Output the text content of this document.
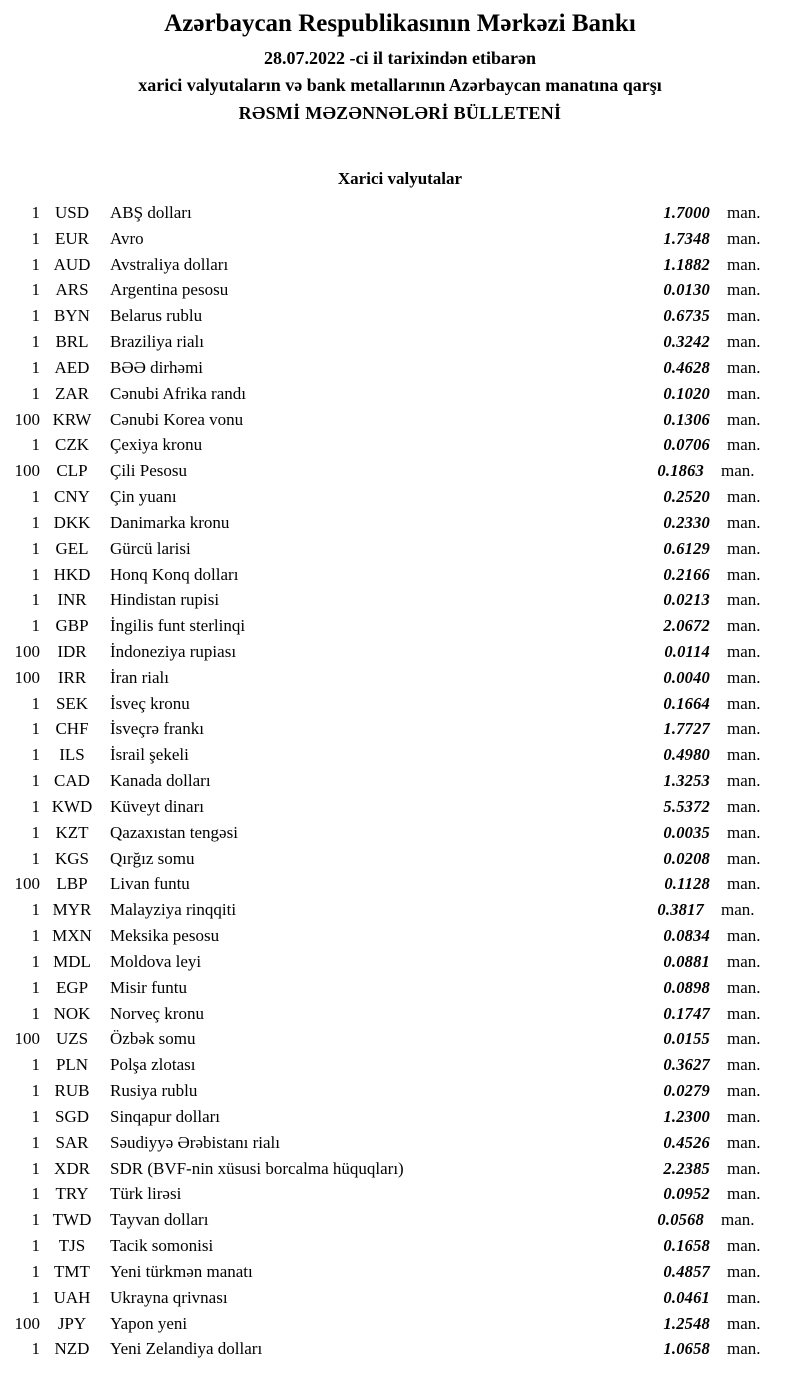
Azərbaycan Respublikasının Mərkəzi Bankı
28.07.2022 -ci il tarixindən etibarən
xarici valyutaların və bank metallarının Azərbaycan manatına qarşı
RƏSMİ MƏZƏNNƏLƏRİ BÜLLETENİ
Xarici valyutalar
1 USD	ABŞ dolları	1.7000	man.
1 EUR	Avro	1.7348	man.
1 AUD	Avstraliya dolları	1.1882	man.
1 ARS	Argentina pesosu	0.0130	man.
1 BYN	Belarus rublu	0.6735	man.
1 BRL	Braziliya rialı	0.3242	man.
1 AED	BƏƏ dirhəmi	0.4628	man.
1 ZAR	Cənubi Afrika randı	0.1020	man.
100 KRW	Cənubi Korea vonu	0.1306	man.
1 CZK	Çexiya kronu	0.0706	man.
100 CLP	Çili Pesosu	0.1863	man.
1 CNY	Çin yuanı	0.2520	man.
1 DKK	Danimarka kronu	0.2330	man.
1 GEL	Gürcü larisi	0.6129	man.
1 HKD	Honq Konq dolları	0.2166	man.
1	INR	Hindistan rupisi	0.0213	man.
1 GBP	İngilis funt sterlinqi	2.0672	man.
100	IDR	İndoneziya rupiası	0.0114	man.
100	IRR	İran rialı	0.0040	man.
1 SEK	İsveç kronu	0.1664	man.
1 CHF	İsveçrə frankı	1.7727	man.
1	ILS	İsrail şekeli	0.4980	man.
1 CAD	Kanada dolları	1.3253	man.
1 KWD	Küveyt dinarı	5.5372	man.
1 KZT	Qazaxıstan tengəsi	0.0035	man.
1 KGS	Qırğız somu	0.0208	man.
100 LBP	Livan funtu	0.1128	man.
1 MYR	Malayziya rinqqiti	0.3817	man.
1 MXN	Meksika pesosu	0.0834	man.
1 MDL	Moldova leyi	0.0881	man.
1 EGP	Misir funtu	0.0898	man.
1 NOK	Norveç kronu	0.1747	man.
100 UZS	Özbək somu	0.0155	man.
1 PLN	Polşa zlotası	0.3627	man.
1 RUB	Rusiya rublu	0.0279	man.
1 SGD	Sinqapur dolları	1.2300	man.
1 SAR	Səudiyyə Ərəbistanı rialı	0.4526	man.
1 XDR	SDR (BVF-nin xüsusi borcalma hüquqları)	2.2385	man.
1 TRY	Türk lirəsi	0.0952	man.
1 TWD	Tayvan dolları	0.0568	man.
1	TJS	Tacik somonisi	0.1658	man.
1 TMT	Yeni türkmən manatı	0.4857	man.
1 UAH	Ukrayna qrivnası	0.0461	man.
100	JPY	Yapon yeni	1.2548	man.
1 NZD	Yeni Zelandiya dolları	1.0658	man.
